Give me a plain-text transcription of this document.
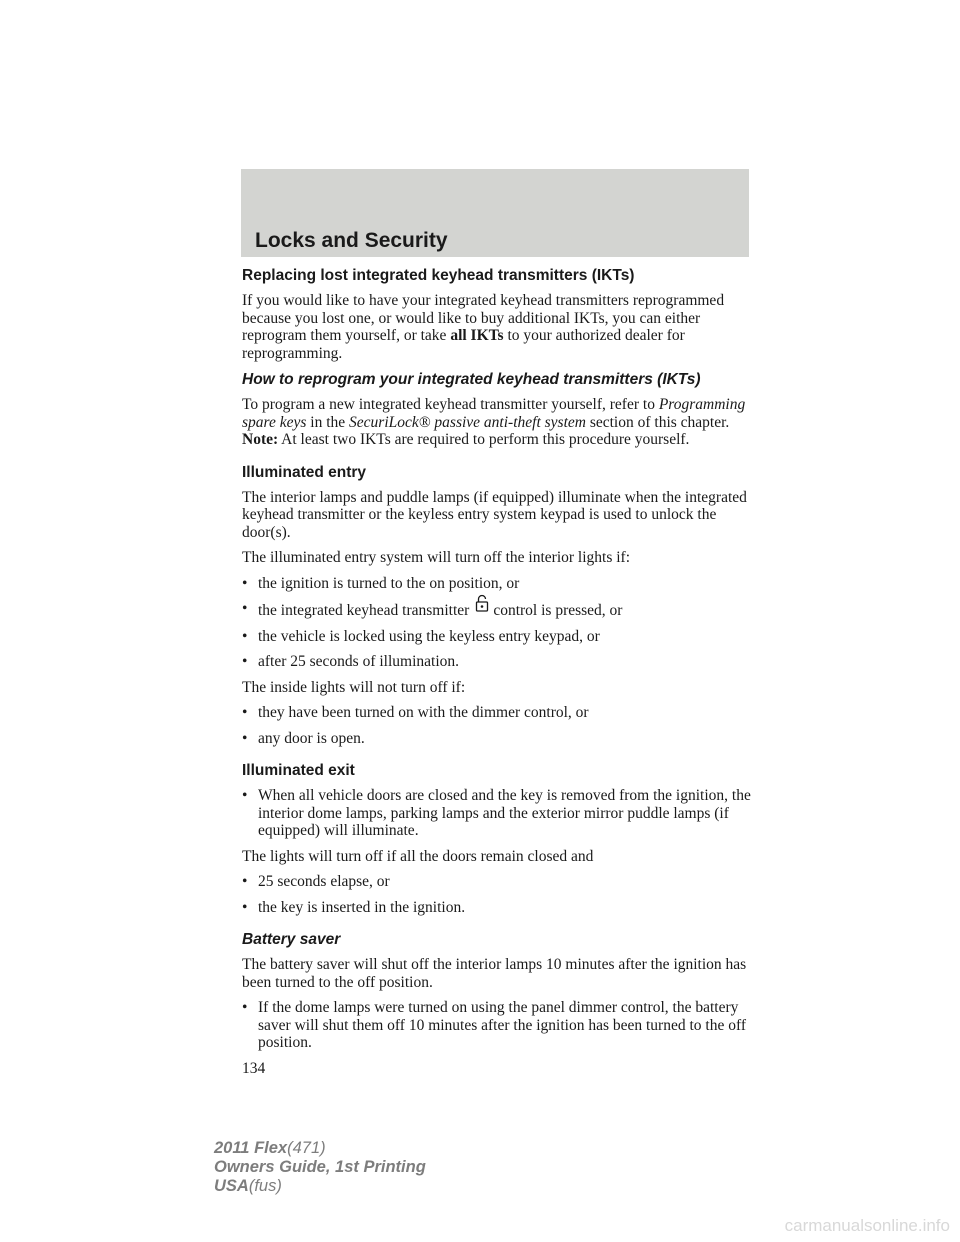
Locks and Security
Replacing lost integrated keyhead transmitters (IKTs)

If you would like to have your integrated keyhead transmitters reprogrammed because you lost one, or would like to buy additional IKTs, you can either reprogram them yourself, or take all IKTs to your authorized dealer for reprogramming.

How to reprogram your integrated keyhead transmitters (IKTs)

To program a new integrated keyhead transmitter yourself, refer to Programming spare keys in the SecuriLock® passive anti-theft system section of this chapter. Note: At least two IKTs are required to perform this procedure yourself.

Illuminated entry

The interior lamps and puddle lamps (if equipped) illuminate when the integrated keyhead transmitter or the keyless entry system keypad is used to unlock the door(s).

The illuminated entry system will turn off the interior lights if:

• the ignition is turned to the on position, or
• the integrated keyhead transmitter control is pressed, or
• the vehicle is locked using the keyless entry keypad, or
• after 25 seconds of illumination.

The inside lights will not turn off if:

• they have been turned on with the dimmer control, or
• any door is open.
Illuminated exit
• When all vehicle doors are closed and the key is removed from the ignition, the interior dome lamps, parking lamps and the exterior mirror puddle lamps (if equipped) will illuminate.

The lights will turn off if all the doors remain closed and

• 25 seconds elapse, or
• the key is inserted in the ignition.
Battery saver

The battery saver will shut off the interior lamps 10 minutes after the ignition has been turned to the off position.

• If the dome lamps were turned on using the panel dimmer control, the battery saver will shut them off 10 minutes after the ignition has been turned to the off position.
134
2011 Flex(471)
Owners Guide, 1st Printing
USA(fus)
carmanualsonline.info
